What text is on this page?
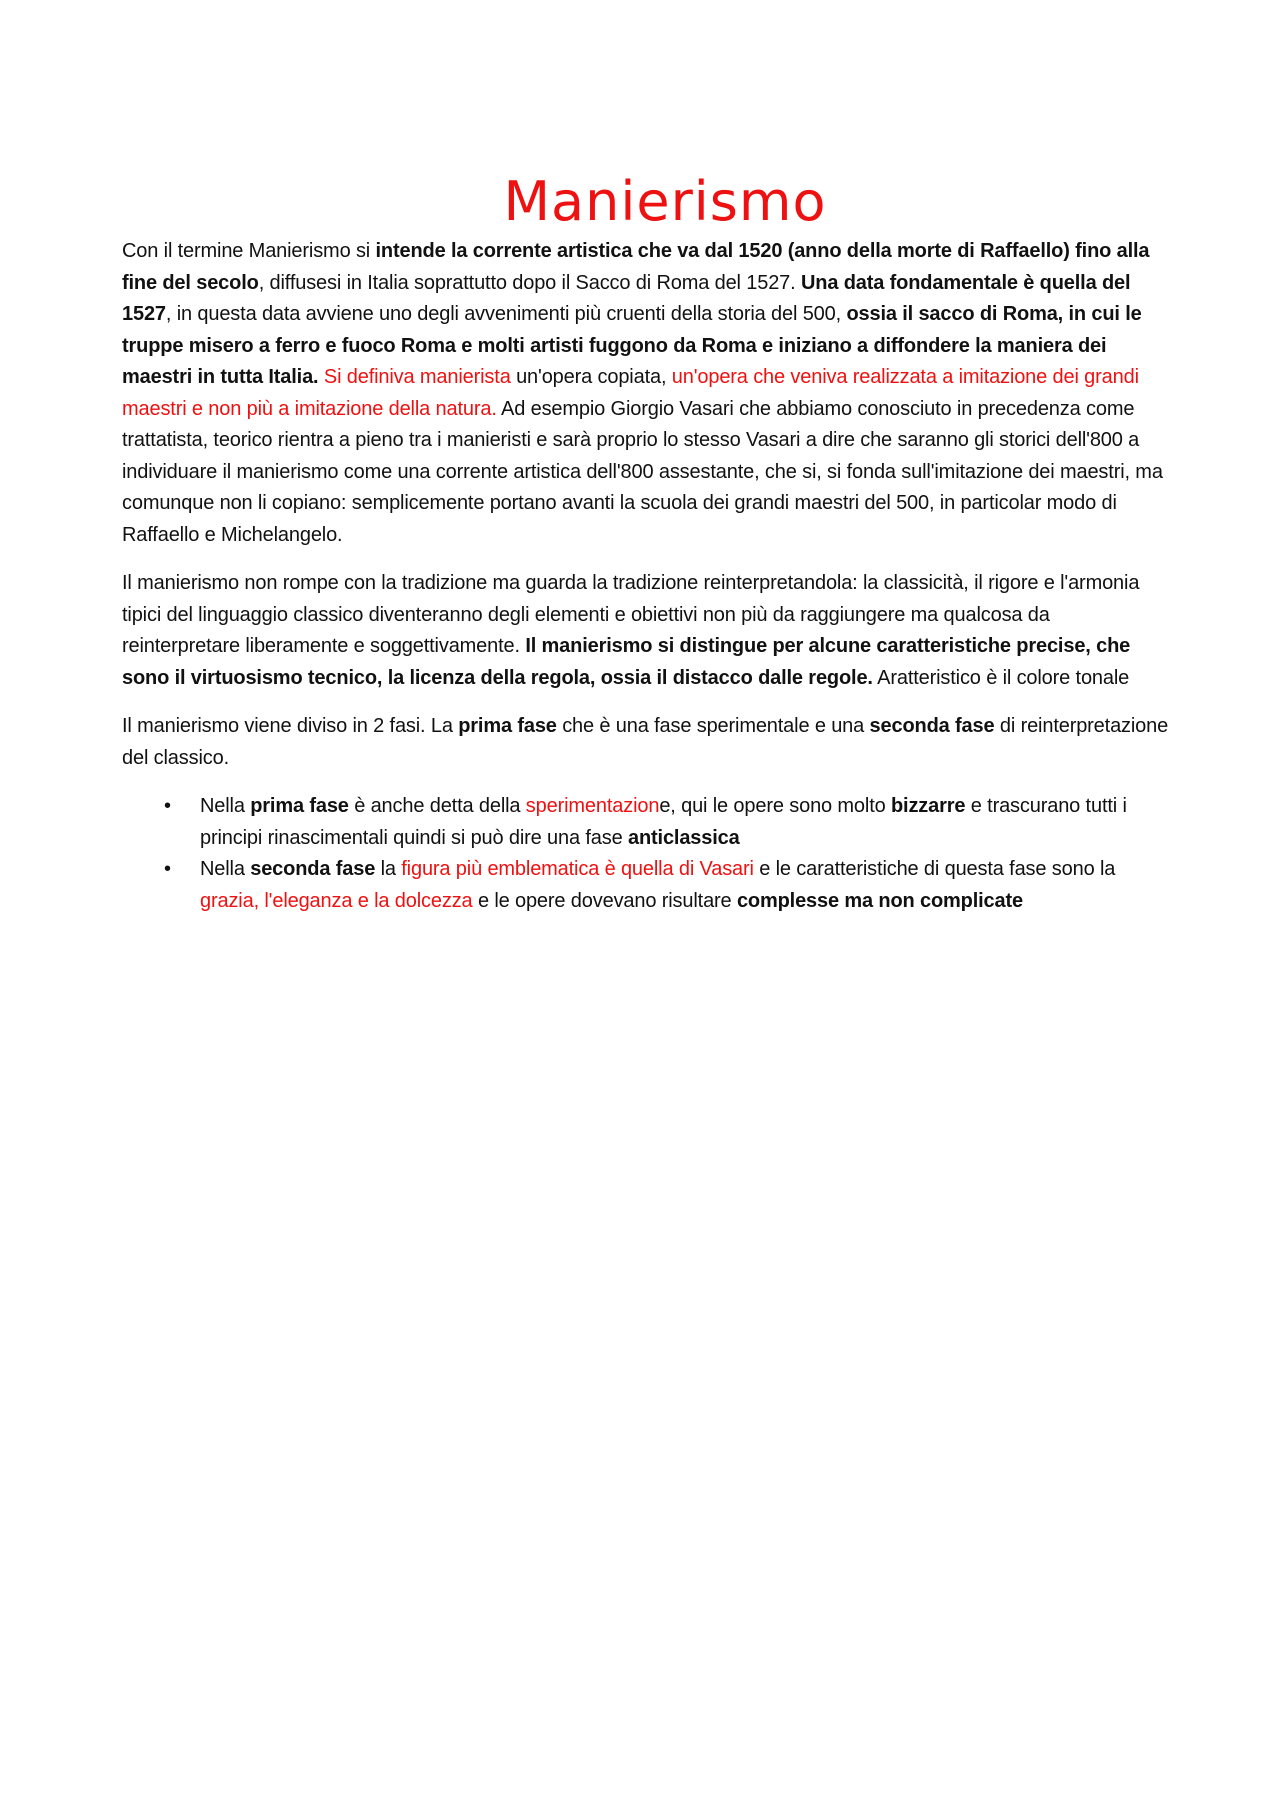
Manierismo

Con il termine Manierismo si intende la corrente artistica che va dal 1520 (anno della morte di Raffaello) fino alla fine del secolo, diffusesi in Italia soprattutto dopo il Sacco di Roma del 1527. Una data fondamentale è quella del 1527, in questa data avviene uno degli avvenimenti più cruenti della storia del 500, ossia il sacco di Roma, in cui le truppe misero a ferro e fuoco Roma e molti artisti fuggono da Roma e iniziano a diffondere la maniera dei maestri in tutta Italia. Si definiva manierista un'opera copiata, un'opera che veniva realizzata a imitazione dei grandi maestri e non più a imitazione della natura. Ad esempio Giorgio Vasari che abbiamo conosciuto in precedenza come trattatista, teorico rientra a pieno tra i manieristi e sarà proprio lo stesso Vasari a dire che saranno gli storici dell'800 a individuare il manierismo come una corrente artistica dell'800 assestante, che si, si fonda sull'imitazione dei maestri, ma comunque non li copiano: semplicemente portano avanti la scuola dei grandi maestri del 500, in particolar modo di Raffaello e Michelangelo.

Il manierismo non rompe con la tradizione ma guarda la tradizione reinterpretandola: la classicità, il rigore e l'armonia tipici del linguaggio classico diventeranno degli elementi e obiettivi non più da raggiungere ma qualcosa da reinterpretare liberamente e soggettivamente. Il manierismo si distingue per alcune caratteristiche precise, che sono il virtuosismo tecnico, la licenza della regola, ossia il distacco dalle regole. Aratteristico è il colore tonale

Il manierismo viene diviso in 2 fasi. La prima fase che è una fase sperimentale e una seconda fase di reinterpretazione del classico.

• Nella prima fase è anche detta della sperimentazione, qui le opere sono molto bizzarre e trascurano tutti i principi rinascimentali quindi si può dire una fase anticlassica
• Nella seconda fase la figura più emblematica è quella di Vasari e le caratteristiche di questa fase sono la grazia, l'eleganza e la dolcezza e le opere dovevano risultare complesse ma non complicate
